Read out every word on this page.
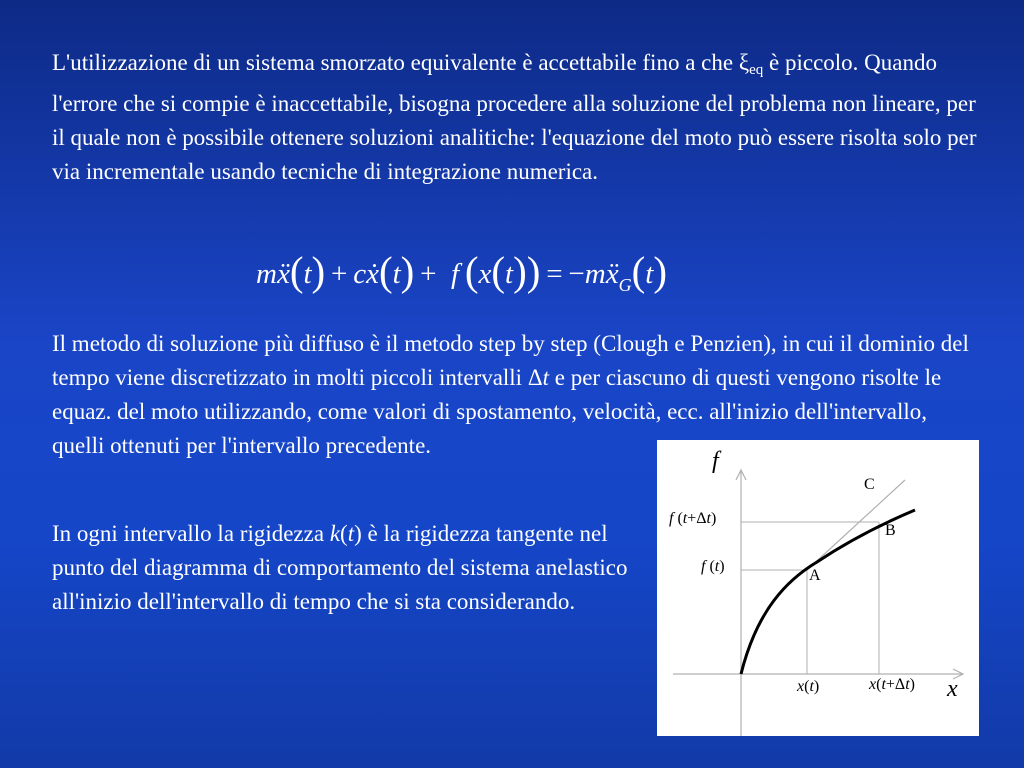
L'utilizzazione di un sistema smorzato equivalente è accettabile fino a che $\xi_{eq}$ è piccolo. Quando l'errore che si compie è inaccettabile, bisogna procedere alla soluzione del problema non lineare, per il quale non è possibile ottenere soluzioni analitiche: l'equazione del moto può essere risolta solo per via incrementale usando tecniche di integrazione numerica.

mẍ(t)  +  cẋ(t)  +  f  (x(t))  =  −mẍ$_G$(t)

Il metodo di soluzione più diffuso è il metodo step by step (Clough e Penzien), in cui il dominio del tempo viene discretizzato in molti piccoli intervalli Δt e per ciascuno di questi vengono risolte le equaz. del moto utilizzando, come valori di spostamento, velocità, ecc. all'inizio dell'intervallo, quelli ottenuti per l'intervallo precedente.

In ogni intervallo la rigidezza k(t) è la rigidezza tangente nel punto del diagramma di comportamento del sistema anelastico all'inizio dell'intervallo di tempo che si sta considerando.

f
x
C
B
A
f (t+Δt)
f (t)
x(t)	x(t+Δt)
